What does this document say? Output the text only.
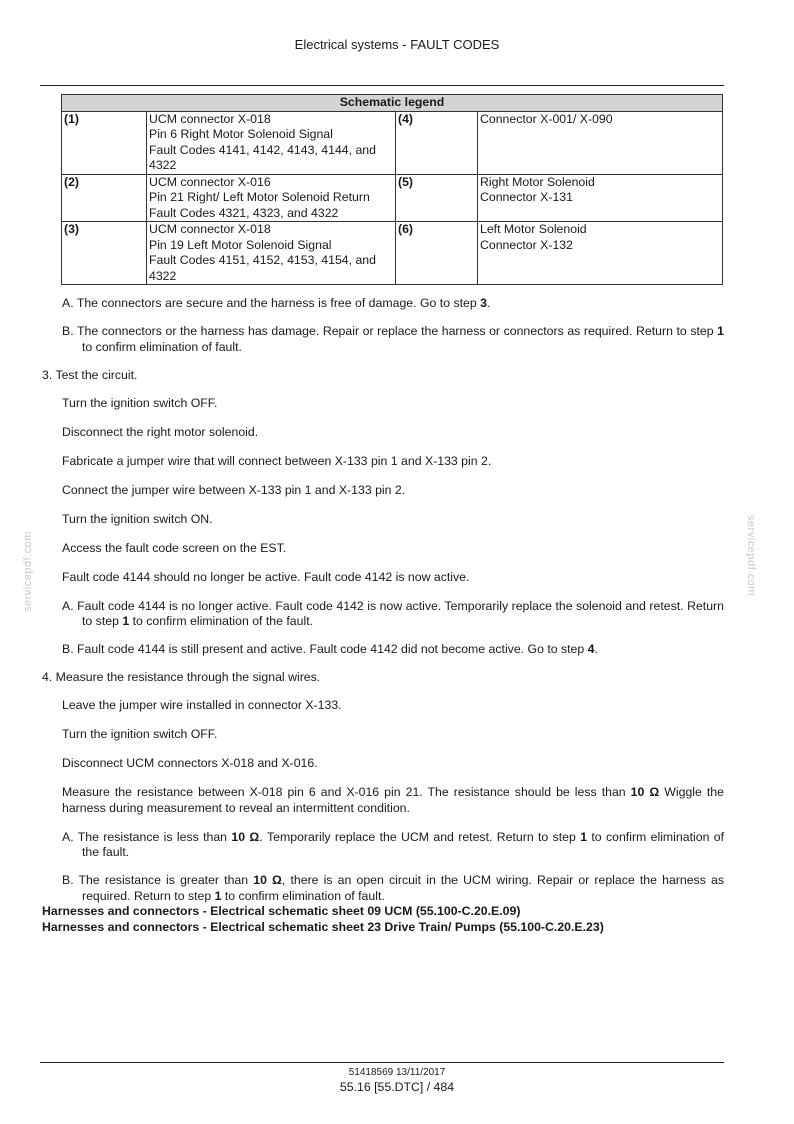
Electrical systems - FAULT CODES
Schematic legend			
(1)	UCM connector X-018
Pin 6 Right Motor Solenoid Signal
Fault Codes 4141, 4142, 4143, 4144, and 4322	(4)	Connector X-001/ X-090
(2)	UCM connector X-016
Pin 21 Right/ Left Motor Solenoid Return
Fault Codes 4321, 4323, and 4322	(5)	Right Motor Solenoid
Connector X-131
(3)	UCM connector X-018
Pin 19 Left Motor Solenoid Signal
Fault Codes 4151, 4152, 4153, 4154, and 4322	(6)	Left Motor Solenoid
Connector X-132
A. The connectors are secure and the harness is free of damage. Go to step 3.
B. The connectors or the harness has damage. Repair or replace the harness or connectors as required. Return to step 1 to confirm elimination of fault.
3. Test the circuit.
Turn the ignition switch OFF.
Disconnect the right motor solenoid.
Fabricate a jumper wire that will connect between X-133 pin 1 and X-133 pin 2.
Connect the jumper wire between X-133 pin 1 and X-133 pin 2.
Turn the ignition switch ON.
Access the fault code screen on the EST.
Fault code 4144 should no longer be active. Fault code 4142 is now active.
A. Fault code 4144 is no longer active. Fault code 4142 is now active. Temporarily replace the solenoid and retest. Return to step 1 to confirm elimination of the fault.
B. Fault code 4144 is still present and active. Fault code 4142 did not become active. Go to step 4.
4. Measure the resistance through the signal wires.
Leave the jumper wire installed in connector X-133.
Turn the ignition switch OFF.
Disconnect UCM connectors X-018 and X-016.
Measure the resistance between X-018 pin 6 and X-016 pin 21. The resistance should be less than 10 Ω Wiggle the harness during measurement to reveal an intermittent condition.
A. The resistance is less than 10 Ω. Temporarily replace the UCM and retest. Return to step 1 to confirm elimination of the fault.
B. The resistance is greater than 10 Ω, there is an open circuit in the UCM wiring. Repair or replace the harness as required. Return to step 1 to confirm elimination of fault.

Harnesses and connectors - Electrical schematic sheet 09 UCM (55.100-C.20.E.09)

Harnesses and connectors - Electrical schematic sheet 23 Drive Train/ Pumps (55.100-C.20.E.23)

servicepdf.com	servicepdf.com
51418569 13/11/2017
55.16 [55.DTC] / 484
